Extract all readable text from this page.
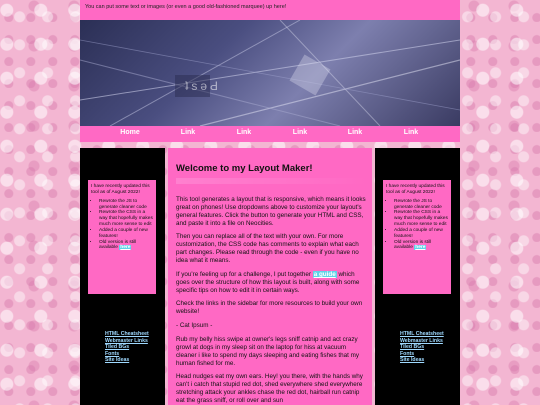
You can put some text or images (or even a good old-fashioned marquee) up here!
ʇsǝԀ
Home	Link	Link	Link	Link	Link

I have recently updated this tool as of August 2022!

• Rewrote the JS to generate cleaner code
• Rewrote the CSS in a way that hopefully makes much more sense to edit
• Added a couple of new features!
• Old version is still available here
HTML Cheatsheet
Webmaster Links
Tiled BGs
Fonts
Site Ideas
Welcome to my Layout Maker!

This tool generates a layout that is responsive, which means it looks great on phones! Use dropdowns above to customize your layout's general features. Click the button to generate your HTML and CSS, and paste it into a file on Neocities.

Then you can replace all of the text with your own. For more customization, the CSS code has comments to explain what each part changes. Please read through the code - even if you have no idea what it means.

If you're feeling up for a challenge, I put together a guide which goes over the structure of how this layout is built, along with some specific tips on how to edit it in certain ways.

Check the links in the sidebar for more resources to build your own website!

- Cat Ipsum -

Rub my belly hiss swipe at owner's legs sniff catnip and act crazy growl at dogs in my sleep sit on the laptop for hiss at vacuum cleaner i like to spend my days sleeping and eating fishes that my human fished for me.

Head nudges eat my own ears. Hey! you there, with the hands why can't i catch that stupid red dot, shed everywhere shed everywhere stretching attack your ankles chase the red dot, hairball run catnip eat the grass sniff, or roll over and sun

I have recently updated this tool as of August 2022!

• Rewrote the JS to generate cleaner code
• Rewrote the CSS in a way that hopefully makes much more sense to edit
• Added a couple of new features!
• Old version is still available here
HTML Cheatsheet
Webmaster Links
Tiled BGs
Fonts
Site Ideas
